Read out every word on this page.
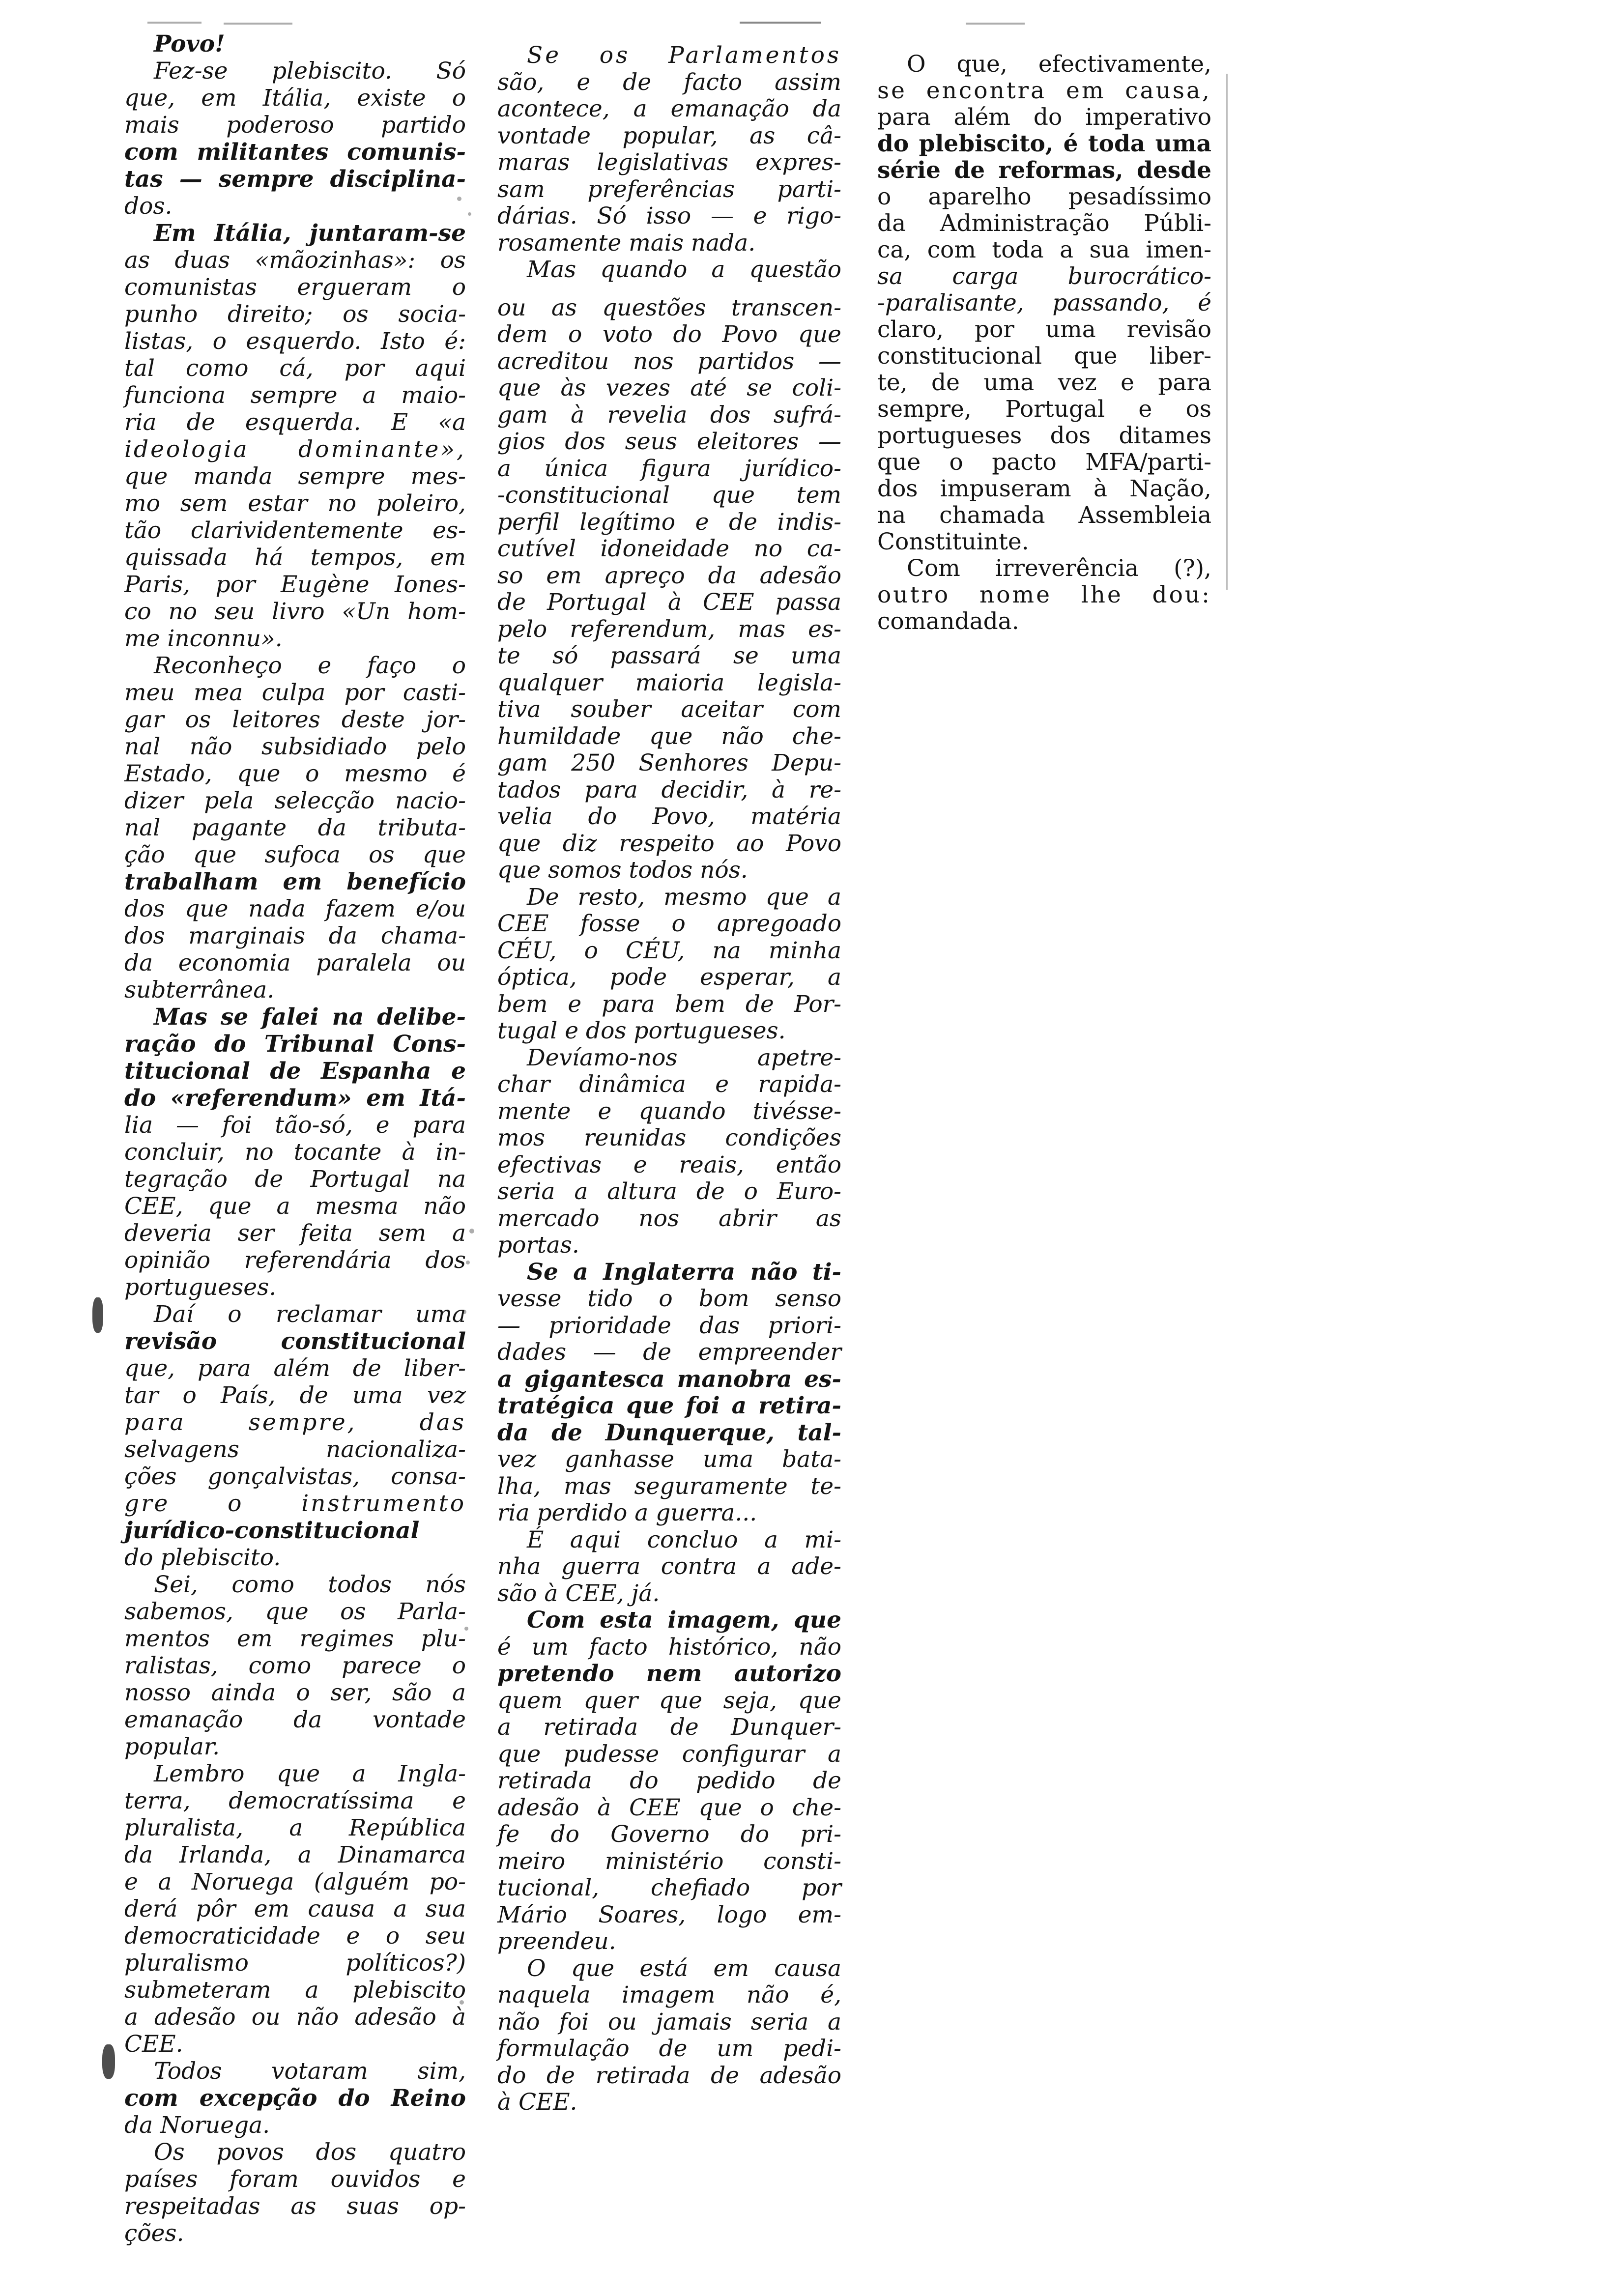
Povo!
Fez-se plebiscito. Só
que, em Itália, existe o
mais poderoso partido
com militantes comunis-
tas — sempre disciplina-
dos.
Em Itália, juntaram-se
as duas «mãozinhas»: os
comunistas ergueram o
punho direito; os socia-
listas, o esquerdo. Isto é:
tal como cá, por aqui
funciona sempre a maio-
ria de esquerda. E «a
ideologia dominante»,
que manda sempre mes-
mo sem estar no poleiro,
tão clarividentemente es-
quissada há tempos, em
Paris, por Eugène Iones-
co no seu livro «Un hom-
me inconnu».
Reconheço e faço o
meu mea culpa por casti-
gar os leitores deste jor-
nal não subsidiado pelo
Estado, que o mesmo é
dizer pela selecção nacio-
nal pagante da tributa-
ção que sufoca os que
trabalham em benefício
dos que nada fazem e/ou
dos marginais da chama-
da economia paralela ou
subterrânea.
Mas se falei na delibe-
ração do Tribunal Cons-
titucional de Espanha e
do «referendum» em Itá-
lia — foi tão-só, e para
concluir, no tocante à in-
tegração de Portugal na
CEE, que a mesma não
deveria ser feita sem a
opinião referendária dos
portugueses.
Daí o reclamar uma
revisão constitucional
que, para além de liber-
tar o País, de uma vez
para sempre, das
selvagens nacionaliza-
ções gonçalvistas, consa-
gre o instrumento
jurídico-constitucional
do plebiscito.
Sei, como todos nós
sabemos, que os Parla-
mentos em regimes plu-
ralistas, como parece o
nosso ainda o ser, são a
emanação da vontade
popular.
Lembro que a Ingla-
terra, democratíssima e
pluralista, a República
da Irlanda, a Dinamarca
e a Noruega (alguém po-
derá pôr em causa a sua
democraticidade e o seu
pluralismo políticos?)
submeteram a plebiscito
a adesão ou não adesão à
CEE.
Todos votaram sim,
com excepção do Reino
da Noruega.
Os povos dos quatro
países foram ouvidos e
respeitadas as suas op-
ções.
Se os Parlamentos
são, e de facto assim
acontece, a emanação da
vontade popular, as câ-
maras legislativas expres-
sam preferências parti-
dárias. Só isso — e rigo-
rosamente mais nada.
Mas quando a questão
ou as questões transcen-
dem o voto do Povo que
acreditou nos partidos —
que às vezes até se coli-
gam à revelia dos sufrá-
gios dos seus eleitores —
a única figura jurídico-
-constitucional que tem
perfil legítimo e de indis-
cutível idoneidade no ca-
so em apreço da adesão
de Portugal à CEE passa
pelo referendum, mas es-
te só passará se uma
qualquer maioria legisla-
tiva souber aceitar com
humildade que não che-
gam 250 Senhores Depu-
tados para decidir, à re-
velia do Povo, matéria
que diz respeito ao Povo
que somos todos nós.
De resto, mesmo que a
CEE fosse o apregoado
CÉU, o CÉU, na minha
óptica, pode esperar, a
bem e para bem de Por-
tugal e dos portugueses.
Devíamo-nos apetre-
char dinâmica e rapida-
mente e quando tivésse-
mos reunidas condições
efectivas e reais, então
seria a altura de o Euro-
mercado nos abrir as
portas.
Se a Inglaterra não ti-
vesse tido o bom senso
— prioridade das priori-
dades — de empreender
a gigantesca manobra es-
tratégica que foi a retira-
da de Dunquerque, tal-
vez ganhasse uma bata-
lha, mas seguramente te-
ria perdido a guerra...
É aqui concluo a mi-
nha guerra contra a ade-
são à CEE, já.
Com esta imagem, que
é um facto histórico, não
pretendo nem autorizo
quem quer que seja, que
a retirada de Dunquer-
que pudesse configurar a
retirada do pedido de
adesão à CEE que o che-
fe do Governo do pri-
meiro ministério consti-
tucional, chefiado por
Mário Soares, logo em-
preendeu.
O que está em causa
naquela imagem não é,
não foi ou jamais seria a
formulação de um pedi-
do de retirada de adesão
à CEE.
O que, efectivamente,
se encontra em causa,
para além do imperativo
do plebiscito, é toda uma
série de reformas, desde
o aparelho pesadíssimo
da Administração Públi-
ca, com toda a sua imen-
sa carga burocrático-
-paralisante, passando, é
claro, por uma revisão
constitucional que liber-
te, de uma vez e para
sempre, Portugal e os
portugueses dos ditames
que o pacto MFA/parti-
dos impuseram à Nação,
na chamada Assembleia
Constituinte.
Com irreverência (?),
outro nome lhe dou:
comandada.
